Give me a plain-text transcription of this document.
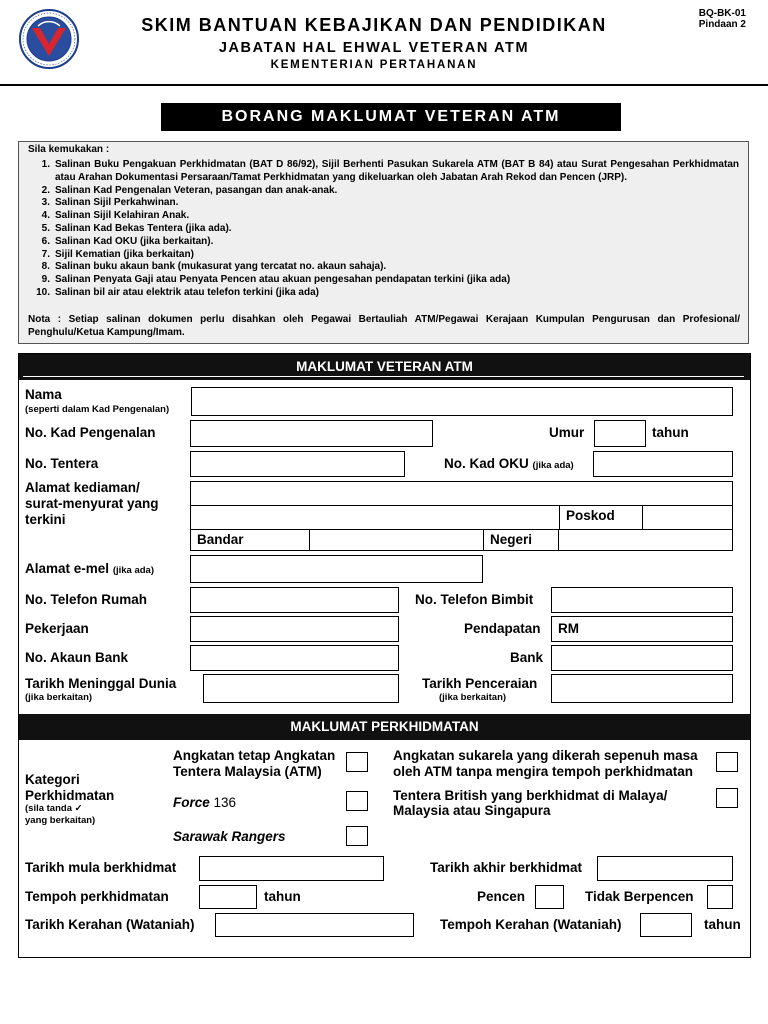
SKIM BANTUAN KEBAJIKAN DAN PENDIDIKAN
JABATAN HAL EHWAL VETERAN ATM
KEMENTERIAN PERTAHANAN
BQ-BK-01
Pindaan 2
BORANG MAKLUMAT VETERAN ATM
Sila kemukakan :
1. Salinan Buku Pengakuan Perkhidmatan (BAT D 86/92), Sijil Berhenti Pasukan Sukarela ATM (BAT B 84) atau Surat Pengesahan Perkhidmatan atau Arahan Dokumentasi Persaraan/Tamat Perkhidmatan yang dikeluarkan oleh Jabatan Arah Rekod dan Pencen (JRP).
2. Salinan Kad Pengenalan Veteran, pasangan dan anak-anak.
3. Salinan Sijil Perkahwinan.
4. Salinan Sijil Kelahiran Anak.
5. Salinan Kad Bekas Tentera (jika ada).
6. Salinan Kad OKU (jika berkaitan).
7. Sijil Kematian (jika berkaitan)
8. Salinan buku akaun bank (mukasurat yang tercatat no. akaun sahaja).
9. Salinan Penyata Gaji atau Penyata Pencen atau akuan pengesahan pendapatan terkini (jika ada)
10. Salinan bil air atau elektrik atau telefon terkini (jika ada)
Nota : Setiap salinan dokumen perlu disahkan oleh Pegawai Bertauliah ATM/Pegawai Kerajaan Kumpulan Pengurusan dan Profesional/ Penghulu/Ketua Kampung/Imam.
MAKLUMAT VETERAN ATM
Nama
(seperti dalam Kad Pengenalan)
No. Kad Pengenalan	Umur	tahun
No. Tentera	No. Kad OKU (jika ada)
Alamat kediaman/
surat-menyurat yang
terkini	Poskod
Bandar	Negeri
Alamat e-mel (jika ada)
No. Telefon Rumah	No. Telefon Bimbit
Pekerjaan	Pendapatan	RM
No. Akaun Bank	Bank
Tarikh Meninggal Dunia
(jika berkaitan)
Tarikh Penceraian
(jika berkaitan)
MAKLUMAT PERKHIDMATAN
Kategori
Perkhidmatan
(sila tanda ✓
yang berkaitan)
Angkatan tetap Angkatan
Tentera Malaysia (ATM)
Angkatan sukarela yang dikerah sepenuh masa
oleh ATM tanpa mengira tempoh perkhidmatan
Force 136	Tentera British yang berkhidmat di Malaya/
Malaysia atau Singapura
Sarawak Rangers
Tarikh mula berkhidmat	Tarikh akhir berkhidmat
Tempoh perkhidmatan	tahun	Pencen	Tidak Berpencen
Tarikh Kerahan (Wataniah)	Tempoh Kerahan (Wataniah)	tahun
